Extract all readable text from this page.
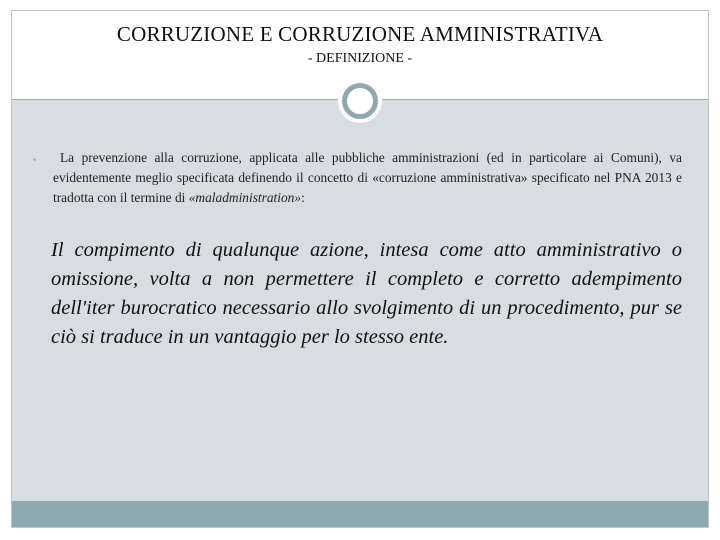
CORRUZIONE E CORRUZIONE AMMINISTRATIVA
- DEFINIZIONE -
•	La prevenzione alla corruzione, applicata alle pubbliche amministrazioni (ed in particolare ai Comuni), va evidentemente meglio specificata definendo il concetto di «corruzione amministrativa» specificato nel PNA 2013 e tradotta con il termine di «maladministration»:
Il compimento di qualunque azione, intesa come atto amministrativo o omissione, volta a non permettere il completo e corretto adempimento dell'iter burocratico necessario allo svolgimento di un procedimento, pur se ciò si traduce in un vantaggio per lo stesso ente.
